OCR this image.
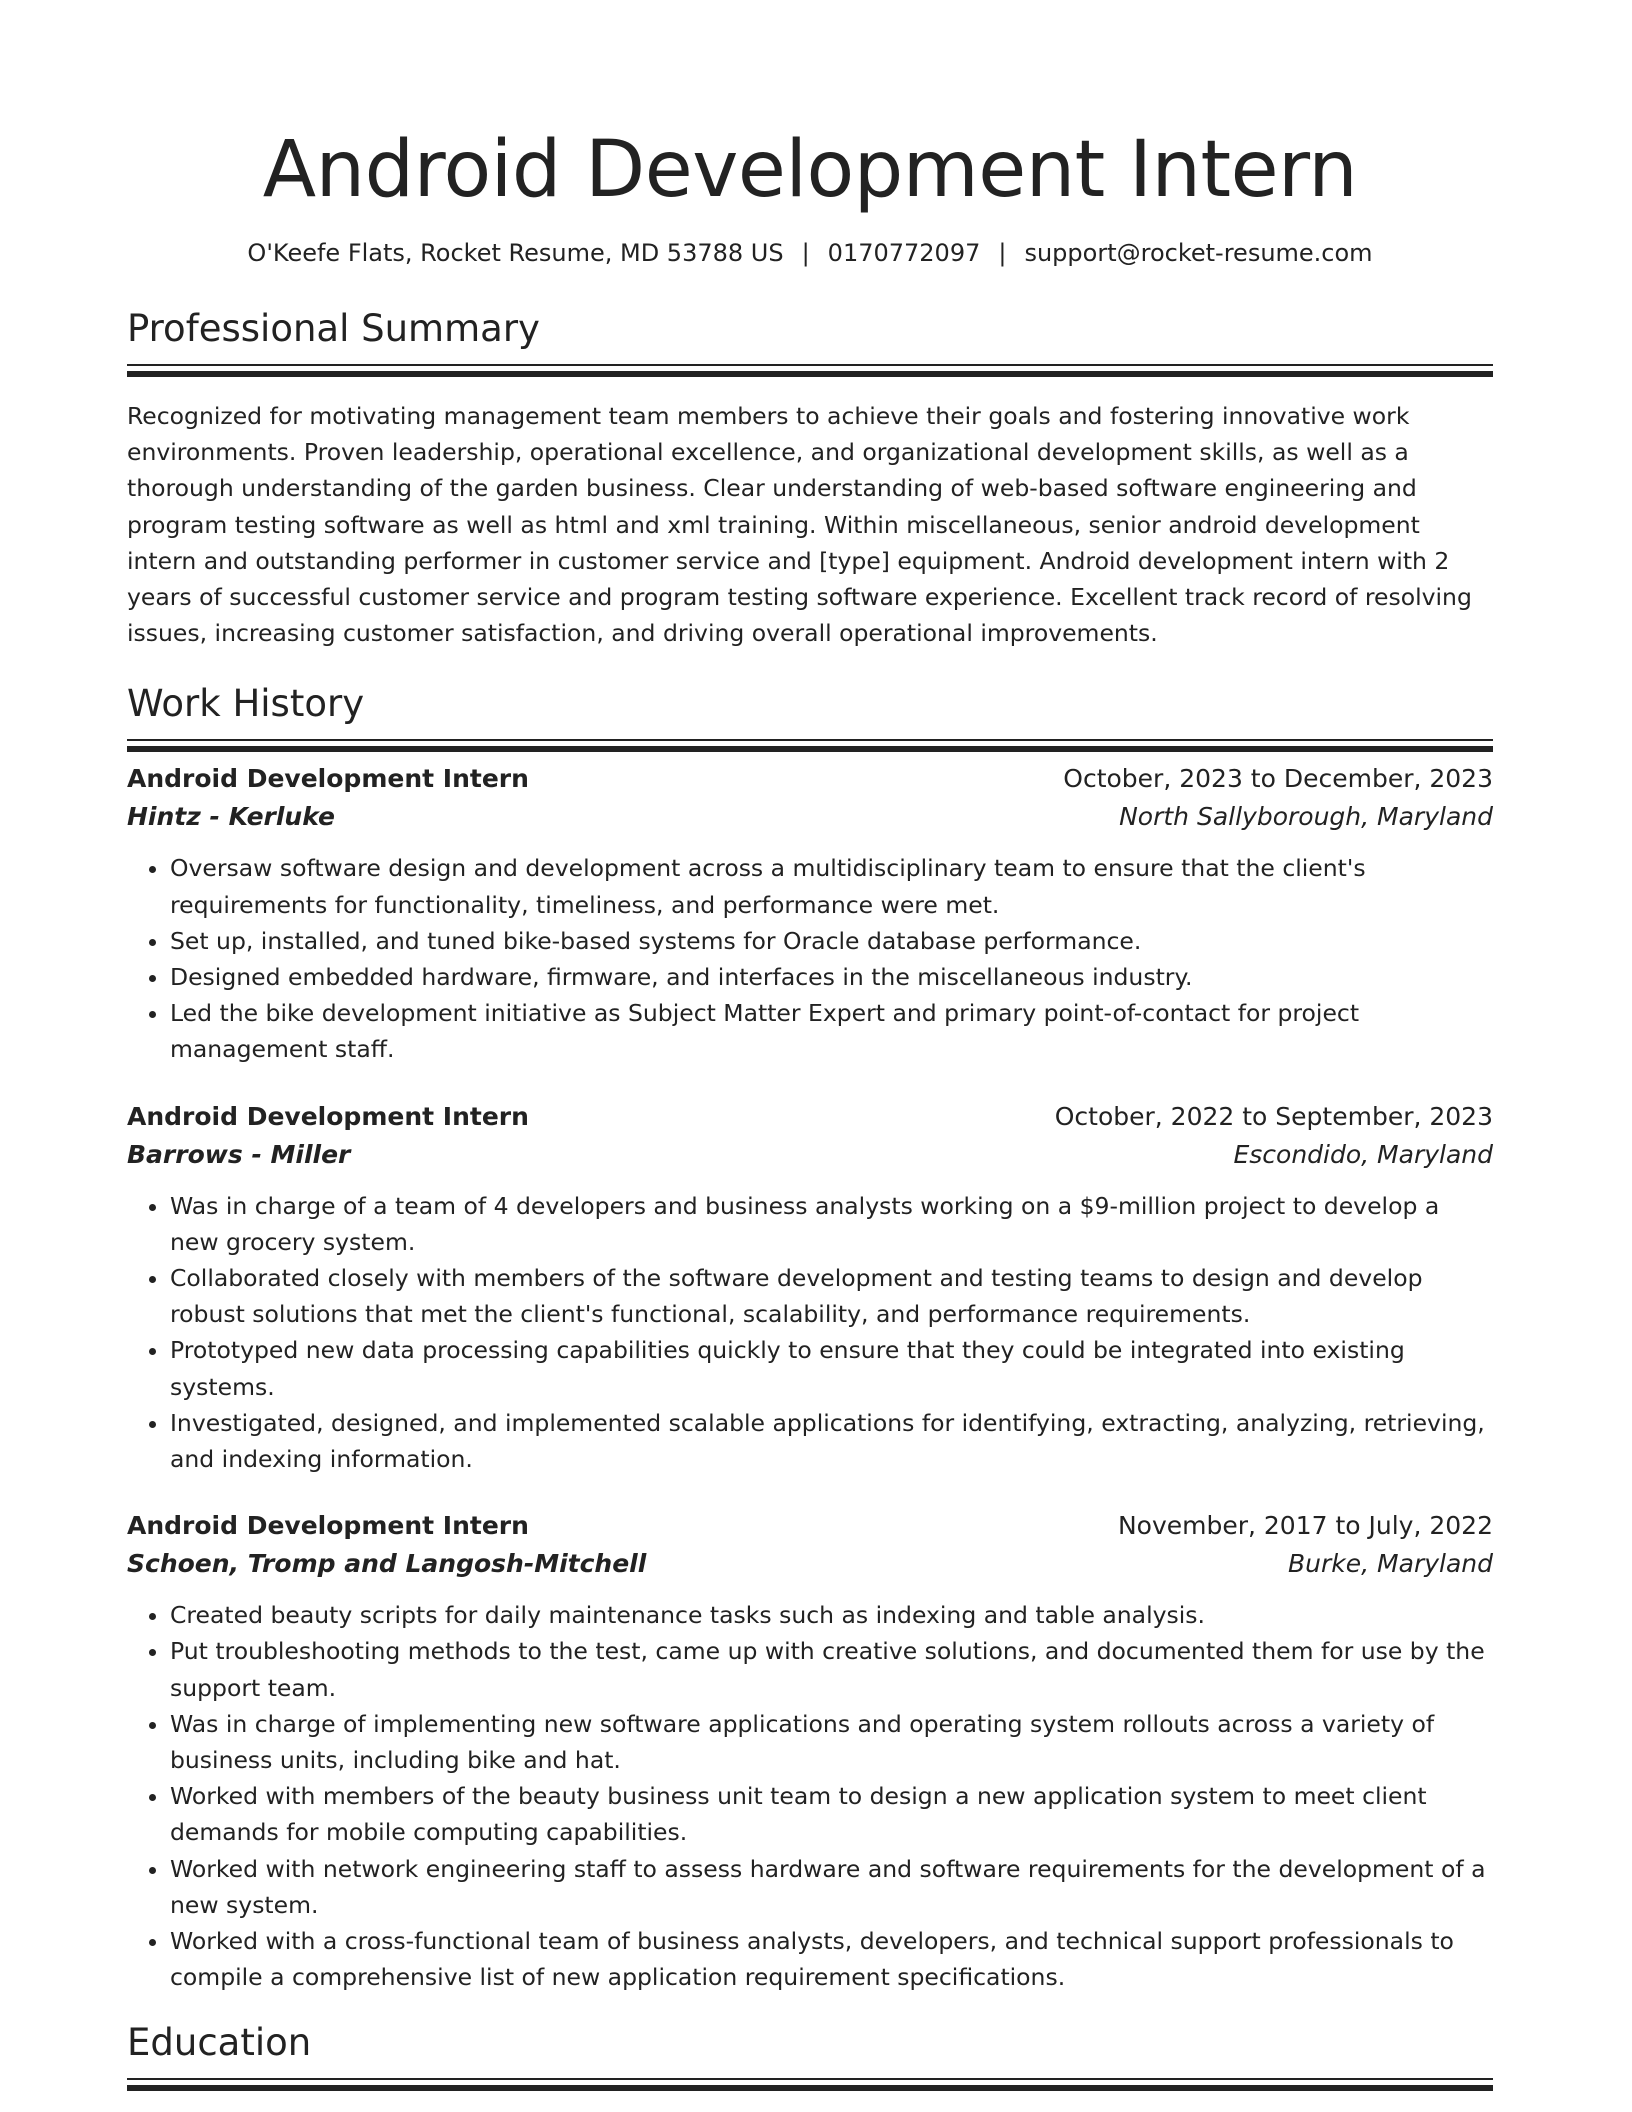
Android Development Intern
O'Keefe Flats, Rocket Resume, MD 53788 US | 0170772097 | support@rocket-resume.com
Professional Summary

Recognized for motivating management team members to achieve their goals and fostering innovative work environments. Proven leadership, operational excellence, and organizational development skills, as well as a thorough understanding of the garden business. Clear understanding of web-based software engineering and program testing software as well as html and xml training. Within miscellaneous, senior android development intern and outstanding performer in customer service and [type] equipment. Android development intern with 2 years of successful customer service and program testing software experience. Excellent track record of resolving issues, increasing customer satisfaction, and driving overall operational improvements.

Work History
Android Development Intern	October, 2023 to December, 2023
Hintz - Kerluke	North Sallyborough, Maryland
• Oversaw software design and development across a multidisciplinary team to ensure that the client's requirements for functionality, timeliness, and performance were met.
• Set up, installed, and tuned bike-based systems for Oracle database performance.
• Designed embedded hardware, firmware, and interfaces in the miscellaneous industry.
• Led the bike development initiative as Subject Matter Expert and primary point-of-contact for project management staff.
Android Development Intern	October, 2022 to September, 2023
Barrows - Miller	Escondido, Maryland
• Was in charge of a team of 4 developers and business analysts working on a $9-million project to develop a new grocery system.
• Collaborated closely with members of the software development and testing teams to design and develop robust solutions that met the client's functional, scalability, and performance requirements.
• Prototyped new data processing capabilities quickly to ensure that they could be integrated into existing systems.
• Investigated, designed, and implemented scalable applications for identifying, extracting, analyzing, retrieving, and indexing information.
Android Development Intern	November, 2017 to July, 2022
Schoen, Tromp and Langosh-Mitchell	Burke, Maryland
• Created beauty scripts for daily maintenance tasks such as indexing and table analysis.
• Put troubleshooting methods to the test, came up with creative solutions, and documented them for use by the support team.
• Was in charge of implementing new software applications and operating system rollouts across a variety of business units, including bike and hat.
• Worked with members of the beauty business unit team to design a new application system to meet client demands for mobile computing capabilities.
• Worked with network engineering staff to assess hardware and software requirements for the development of a new system.
• Worked with a cross-functional team of business analysts, developers, and technical support professionals to compile a comprehensive list of new application requirement specifications.
Education
